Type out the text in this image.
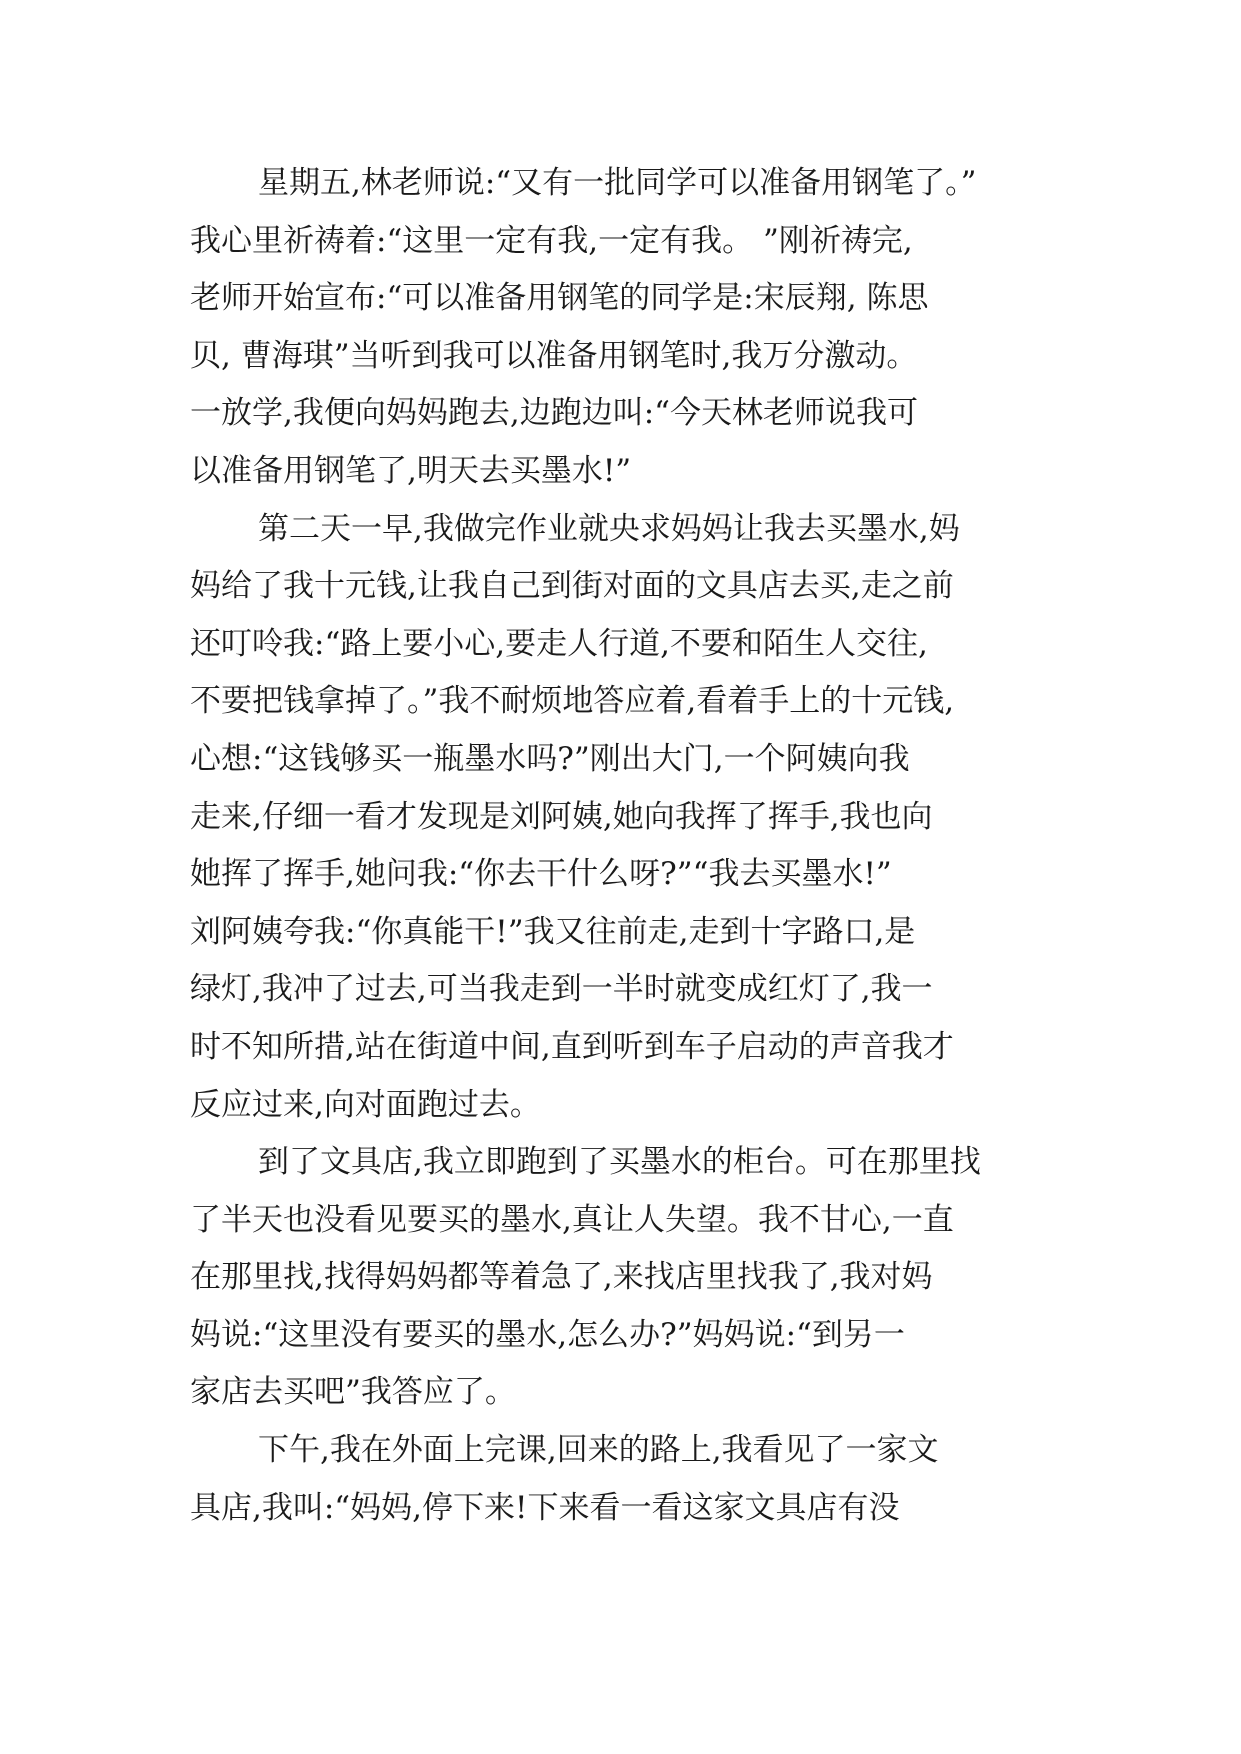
星期五,林老师说:“又有一批同学可以准备用钢笔了。”
我心里祈祷着:“这里一定有我,一定有我。 ”刚祈祷完,
老师开始宣布:“可以准备用钢笔的同学是:宋辰翔, 陈思
贝, 曹海琪”当听到我可以准备用钢笔时,我万分激动。
一放学,我便向妈妈跑去,边跑边叫:“今天林老师说我可
以准备用钢笔了,明天去买墨水!”
第二天一早,我做完作业就央求妈妈让我去买墨水,妈
妈给了我十元钱,让我自己到街对面的文具店去买,走之前
还叮呤我:“路上要小心,要走人行道,不要和陌生人交往,
不要把钱拿掉了。”我不耐烦地答应着,看着手上的十元钱,
心想:“这钱够买一瓶墨水吗?”刚出大门,一个阿姨向我
走来,仔细一看才发现是刘阿姨,她向我挥了挥手,我也向
她挥了挥手,她问我:“你去干什么呀?”“我去买墨水!”
刘阿姨夸我:“你真能干!”我又往前走,走到十字路口,是
绿灯,我冲了过去,可当我走到一半时就变成红灯了,我一
时不知所措,站在街道中间,直到听到车子启动的声音我才
反应过来,向对面跑过去。
到了文具店,我立即跑到了买墨水的柜台。可在那里找
了半天也没看见要买的墨水,真让人失望。我不甘心,一直
在那里找,找得妈妈都等着急了,来找店里找我了,我对妈
妈说:“这里没有要买的墨水,怎么办?”妈妈说:“到另一
家店去买吧”我答应了。
下午,我在外面上完课,回来的路上,我看见了一家文
具店,我叫:“妈妈,停下来!下来看一看这家文具店有没
